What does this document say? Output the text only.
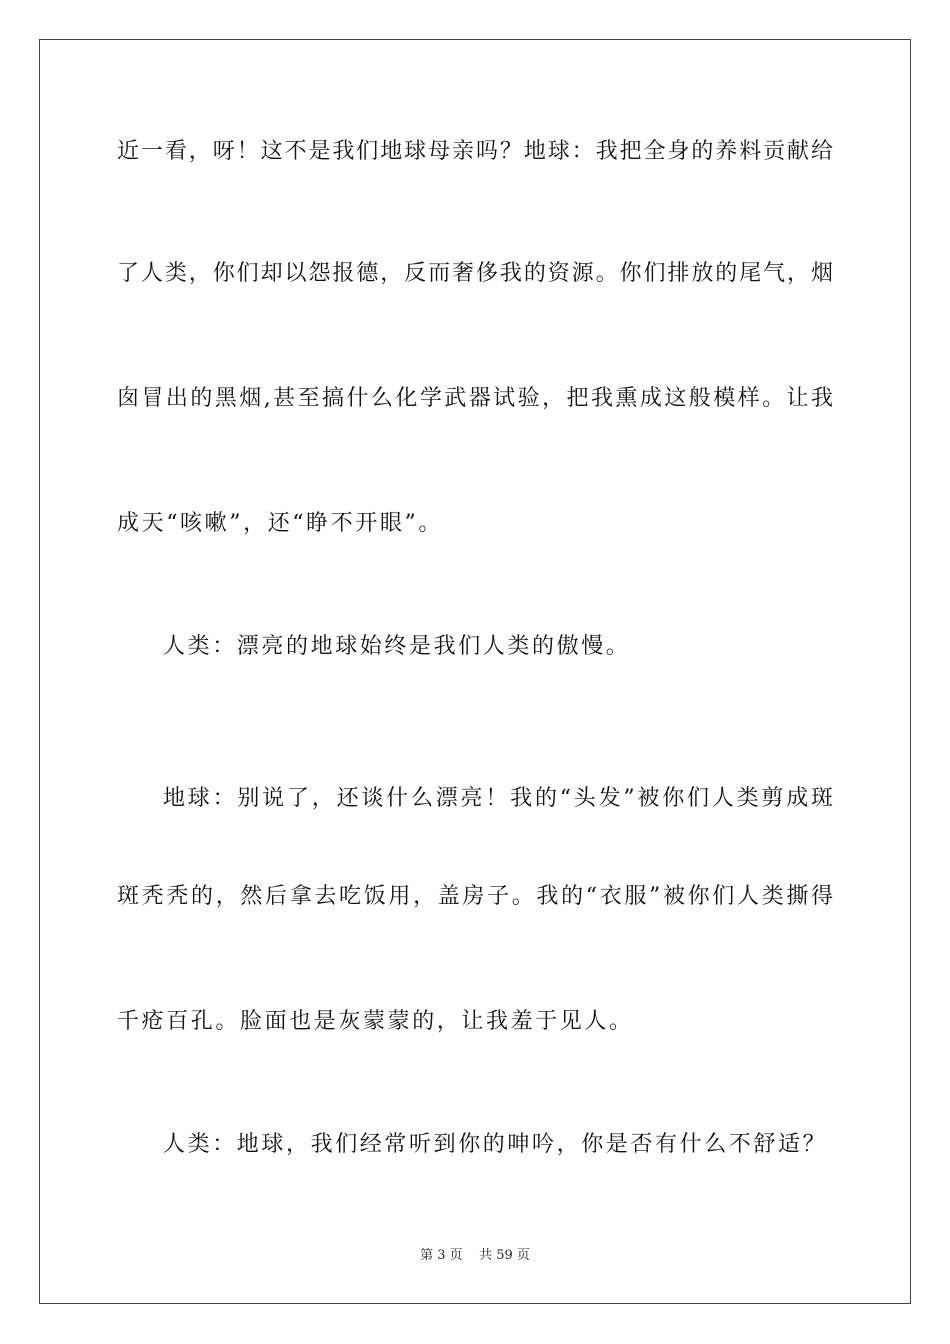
近一看，呀！这不是我们地球母亲吗？地球：我把全身的养料贡献给
了人类，你们却以怨报德，反而奢侈我的资源。你们排放的尾气，烟
囱冒出的黑烟,甚至搞什么化学武器试验，把我熏成这般模样。让我
成天“咳嗽”，还“睁不开眼”。
人类：漂亮的地球始终是我们人类的傲慢。
地球：别说了，还谈什么漂亮！我的“头发”被你们人类剪成斑
斑秃秃的，然后拿去吃饭用，盖房子。我的“衣服”被你们人类撕得
千疮百孔。脸面也是灰蒙蒙的，让我羞于见人。
人类：地球，我们经常听到你的呻吟，你是否有什么不舒适？
第 3 页    共 59 页
